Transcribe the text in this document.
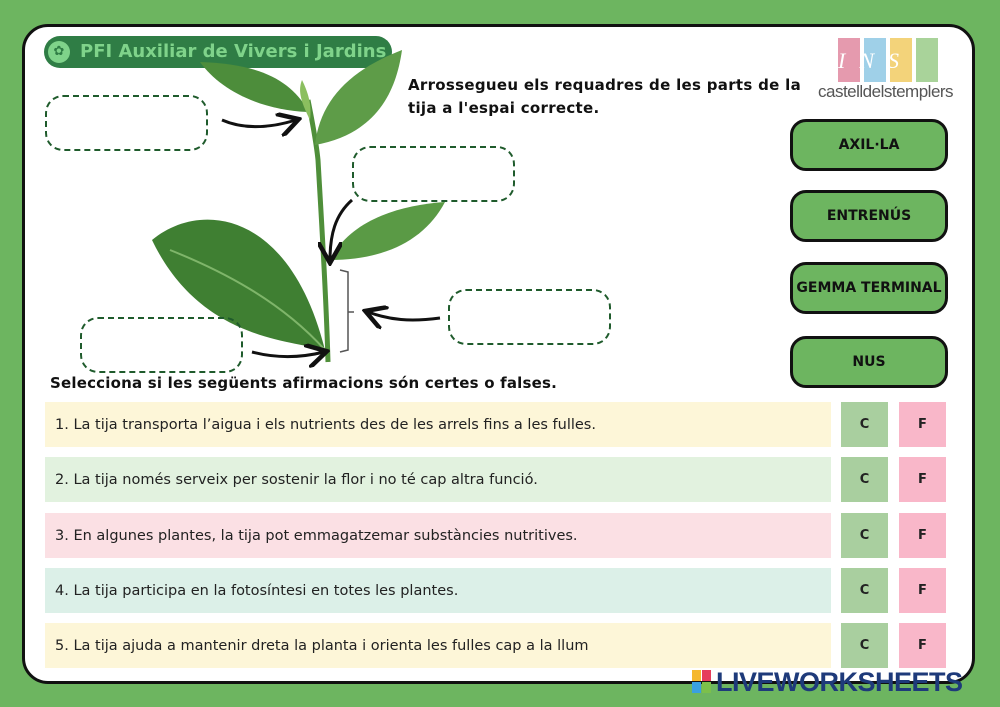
PFI Auxiliar de Vivers i Jardins
✿	INS
castelldelstemplers
Arrossegueu els requadres de les parts de la tija a l'espai correcte.
AXIL·LA
ENTRENÚS
GEMMA TERMINAL
NUS
Selecciona si les següents afirmacions són certes o falses.
1. La tija transporta l’aigua i els nutrients des de les arrels fins a les fulles.	C	F
2. La tija només serveix per sostenir la flor i no té cap altra funció.	C	F
3. En algunes plantes, la tija pot emmagatzemar substàncies nutritives.	C	F
4. La tija participa en la fotosíntesi en totes les plantes.	C	F
5. La tija ajuda a mantenir dreta la planta i orienta les fulles cap a la llum	C	F
LIVEWORKSHEETS
